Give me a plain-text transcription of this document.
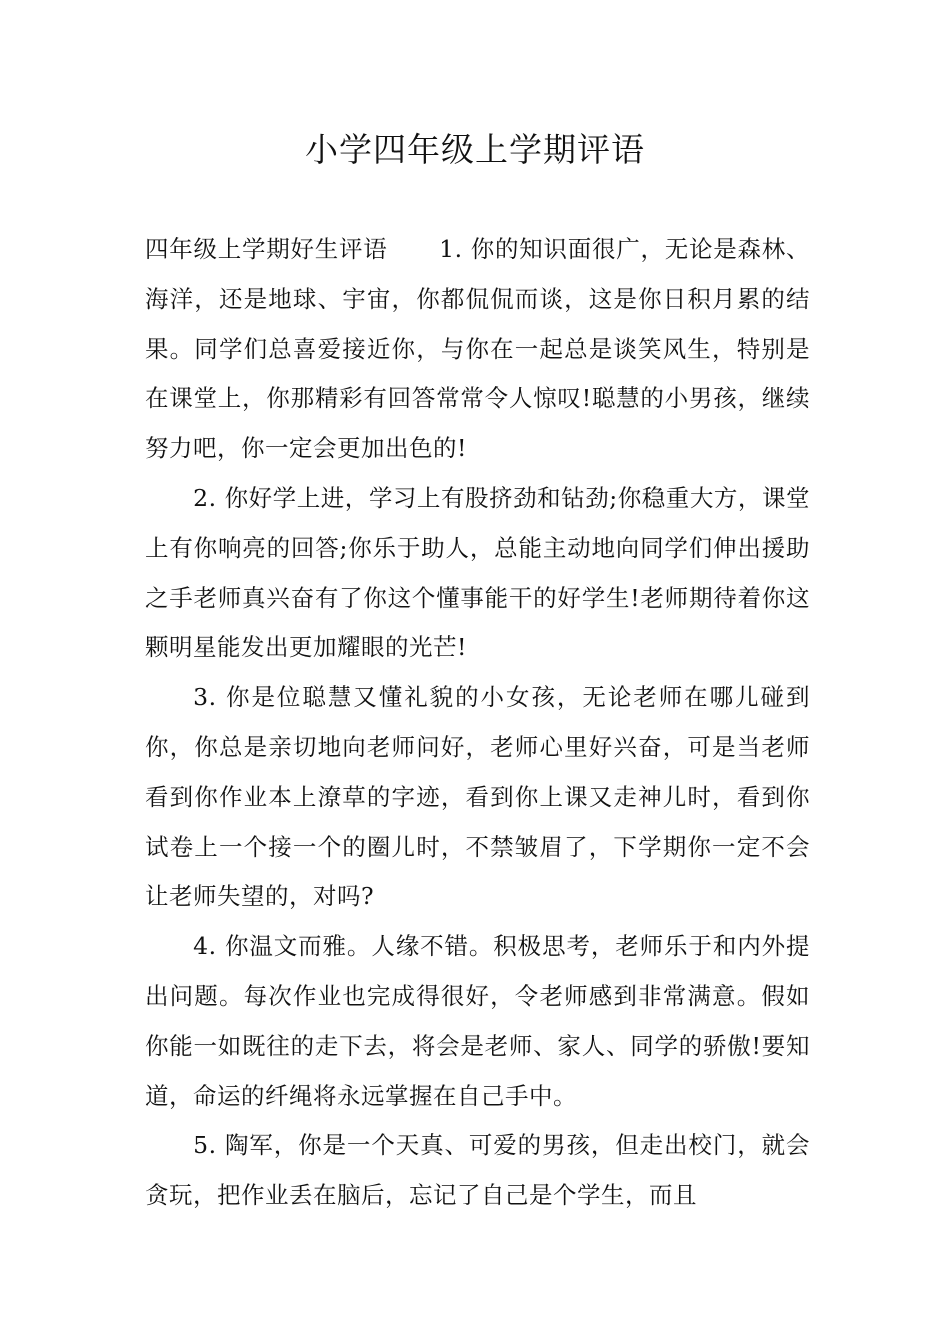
小学四年级上学期评语

四年级上学期好生评语 1. 你的知识面很广，无论是森林、海洋，还是地球、宇宙，你都侃侃而谈，这是你日积月累的结果。同学们总喜爱接近你，与你在一起总是谈笑风生，特别是在课堂上，你那精彩有回答常常令人惊叹!聪慧的小男孩，继续努力吧，你一定会更加出色的!

2. 你好学上进，学习上有股挤劲和钻劲;你稳重大方，课堂上有你响亮的回答;你乐于助人，总能主动地向同学们伸出援助之手老师真兴奋有了你这个懂事能干的好学生!老师期待着你这颗明星能发出更加耀眼的光芒!

3. 你是位聪慧又懂礼貌的小女孩，无论老师在哪儿碰到你，你总是亲切地向老师问好，老师心里好兴奋，可是当老师看到你作业本上潦草的字迹，看到你上课又走神儿时，看到你试卷上一个接一个的圈儿时，不禁皱眉了，下学期你一定不会让老师失望的，对吗?

4. 你温文而雅。人缘不错。积极思考，老师乐于和内外提出问题。每次作业也完成得很好，令老师感到非常满意。假如你能一如既往的走下去，将会是老师、家人、同学的骄傲!要知道，命运的纤绳将永远掌握在自己手中。

5. 陶军，你是一个天真、可爱的男孩，但走出校门，就会贪玩，把作业丢在脑后，忘记了自己是个学生，而且
